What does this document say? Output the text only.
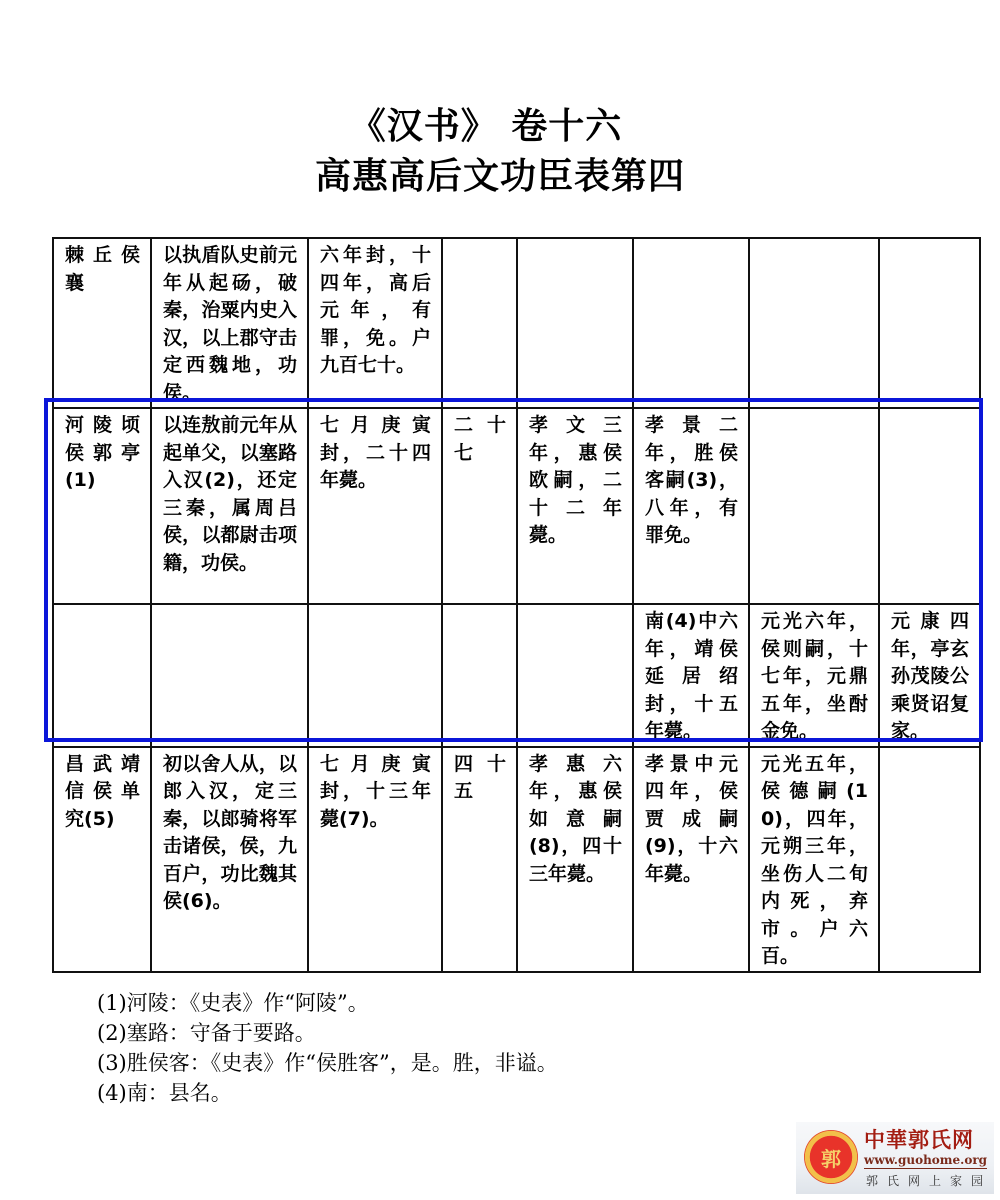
《汉书》 卷十六
高惠高后文功臣表第四
棘丘侯襄	以执盾队史前元年从起砀，破秦，治粟内史入汉，以上郡守击定西魏地，功侯。	六年封，十四年，高后元年，有罪，免。户九百七十。					
河陵顷侯郭亭(1)	以连敖前元年从起单父，以塞路入汉(2)，还定三秦，属周吕侯，以都尉击项籍，功侯。	七月庚寅封，二十四年薨。	二十七	孝文三年，惠侯欧嗣，二十二年薨。	孝景二年，胜侯客嗣(3)，八年，有罪免。		
					南(4)中六年，靖侯延居绍封，十五年薨。	元光六年，侯则嗣，十七年，元鼎五年，坐酎金免。	元康四年，亭玄孙茂陵公乘贤诏复家。
昌武靖信侯单究(5)	初以舍人从，以郎入汉，定三秦，以郎骑将军击诸侯，侯，九百户，功比魏其侯(6)。	七月庚寅封，十三年薨(7)。	四十五	孝惠六年，惠侯如意嗣(8)，四十三年薨。	孝景中元四年，侯贾成嗣(9)，十六年薨。	元光五年，侯德嗣(10)，四年，元朔三年，坐伤人二旬内死，弃市。户六百。	
(1)河陵：《史表》作“阿陵”。
(2)塞路：守备于要路。
(3)胜侯客：《史表》作“侯胜客”，是。胜，非谥。
(4)南：县名。
郭
中華郭氏网
www.guohome.org
郭氏网上家园
